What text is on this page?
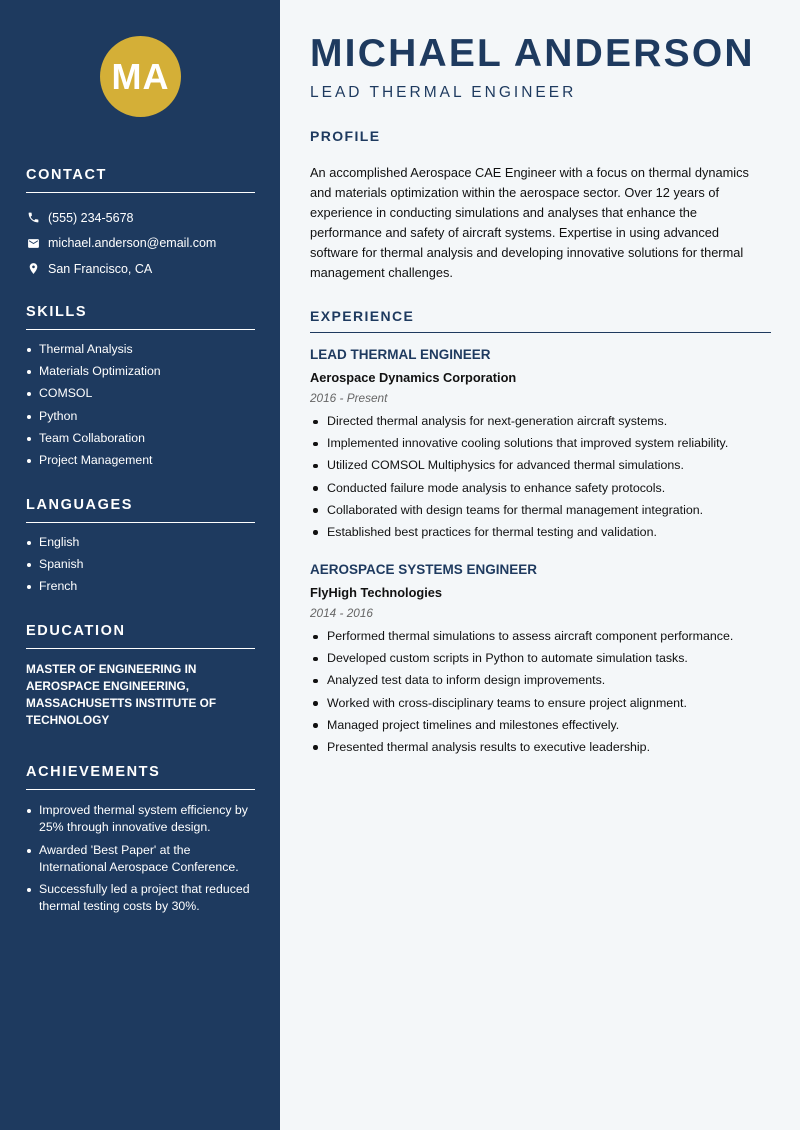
MA
CONTACT
(555) 234-5678
michael.anderson@email.com
San Francisco, CA
SKILLS
Thermal Analysis
Materials Optimization
COMSOL
Python
Team Collaboration
Project Management
LANGUAGES
English
Spanish
French
EDUCATION
MASTER OF ENGINEERING IN AEROSPACE ENGINEERING, MASSACHUSETTS INSTITUTE OF TECHNOLOGY
ACHIEVEMENTS
Improved thermal system efficiency by 25% through innovative design.
Awarded 'Best Paper' at the International Aerospace Conference.
Successfully led a project that reduced thermal testing costs by 30%.
MICHAEL ANDERSON
LEAD THERMAL ENGINEER
PROFILE

An accomplished Aerospace CAE Engineer with a focus on thermal dynamics and materials optimization within the aerospace sector. Over 12 years of experience in conducting simulations and analyses that enhance the performance and safety of aircraft systems. Expertise in using advanced software for thermal analysis and developing innovative solutions for thermal management challenges.

EXPERIENCE
LEAD THERMAL ENGINEER
Aerospace Dynamics Corporation
2016 - Present
Directed thermal analysis for next-generation aircraft systems.
Implemented innovative cooling solutions that improved system reliability.
Utilized COMSOL Multiphysics for advanced thermal simulations.
Conducted failure mode analysis to enhance safety protocols.
Collaborated with design teams for thermal management integration.
Established best practices for thermal testing and validation.
AEROSPACE SYSTEMS ENGINEER
FlyHigh Technologies
2014 - 2016
Performed thermal simulations to assess aircraft component performance.
Developed custom scripts in Python to automate simulation tasks.
Analyzed test data to inform design improvements.
Worked with cross-disciplinary teams to ensure project alignment.
Managed project timelines and milestones effectively.
Presented thermal analysis results to executive leadership.
